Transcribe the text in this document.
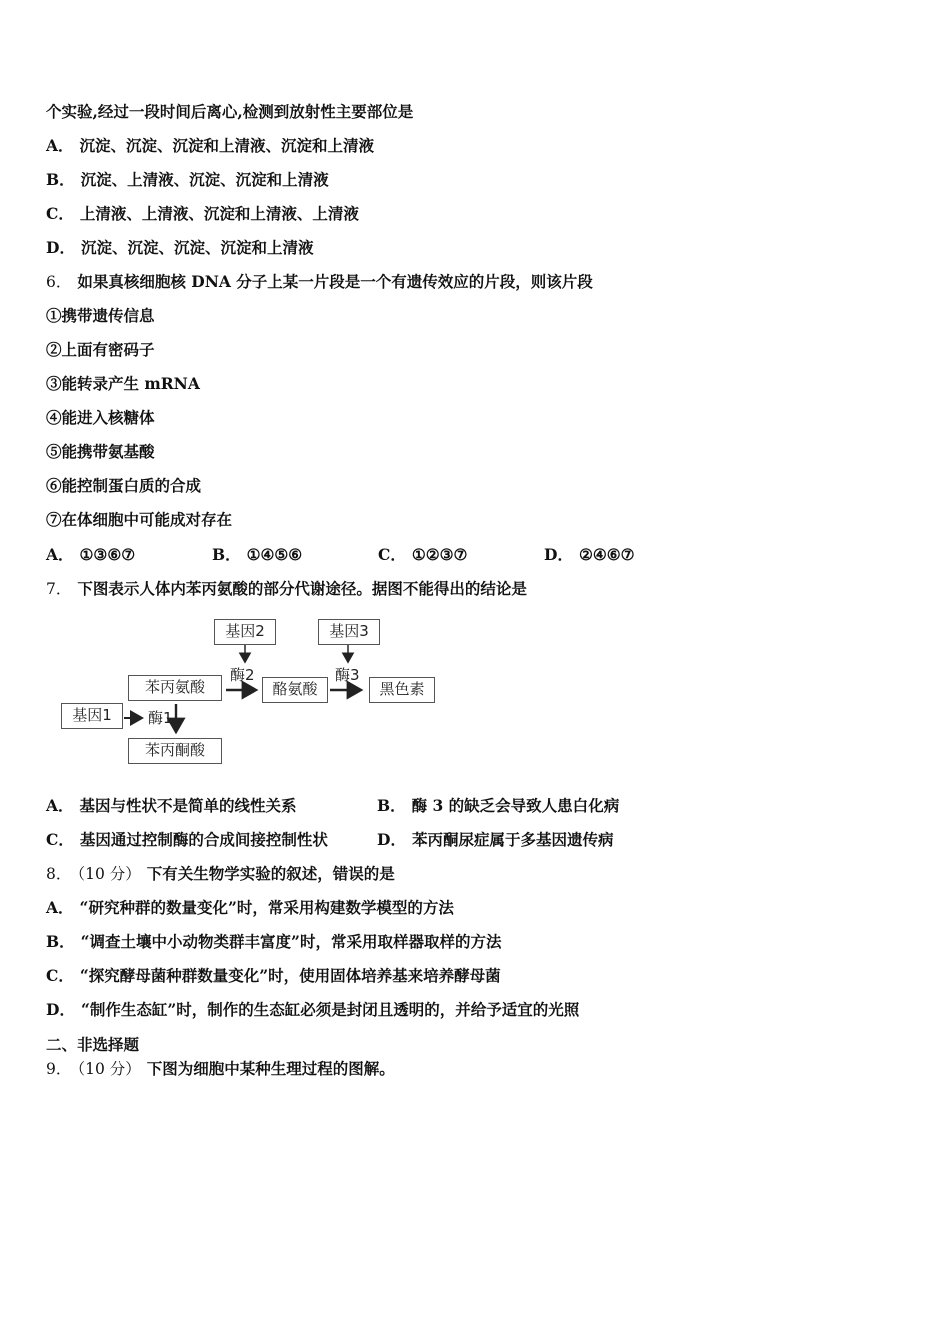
个实验,经过一段时间后离心,检测到放射性主要部位是
A． 沉淀、沉淀、沉淀和上清液、沉淀和上清液
B． 沉淀、上清液、沉淀、沉淀和上清液
C． 上清液、上清液、沉淀和上清液、上清液
D． 沉淀、沉淀、沉淀、沉淀和上清液
6． 如果真核细胞核 DNA 分子上某一片段是一个有遗传效应的片段，则该片段
①携带遗传信息
②上面有密码子
③能转录产生 mRNA
④能进入核糖体
⑤能携带氨基酸
⑥能控制蛋白质的合成
⑦在体细胞中可能成对存在
A． ①③⑥⑦	B． ①④⑤⑥	C． ①②③⑦	D． ②④⑥⑦
7． 下图表示人体内苯丙氨酸的部分代谢途径。据图不能得出的结论是
基因2	基因3
酶2	酶3
苯丙氨酸	酪氨酸	黑色素
基因1	酶1
苯丙酮酸
A． 基因与性状不是简单的线性关系	B． 酶 3 的缺乏会导致人患白化病
C． 基因通过控制酶的合成间接控制性状	D． 苯丙酮尿症属于多基因遗传病
8． （10 分） 下有关生物学实验的叙述，错误的是
A． “研究种群的数量变化”时，常采用构建数学模型的方法
B． “调查土壤中小动物类群丰富度”时，常采用取样器取样的方法
C． “探究酵母菌种群数量变化”时，使用固体培养基来培养酵母菌
D． “制作生态缸”时，制作的生态缸必须是封闭且透明的，并给予适宜的光照
二、非选择题
9． （10 分） 下图为细胞中某种生理过程的图解。
